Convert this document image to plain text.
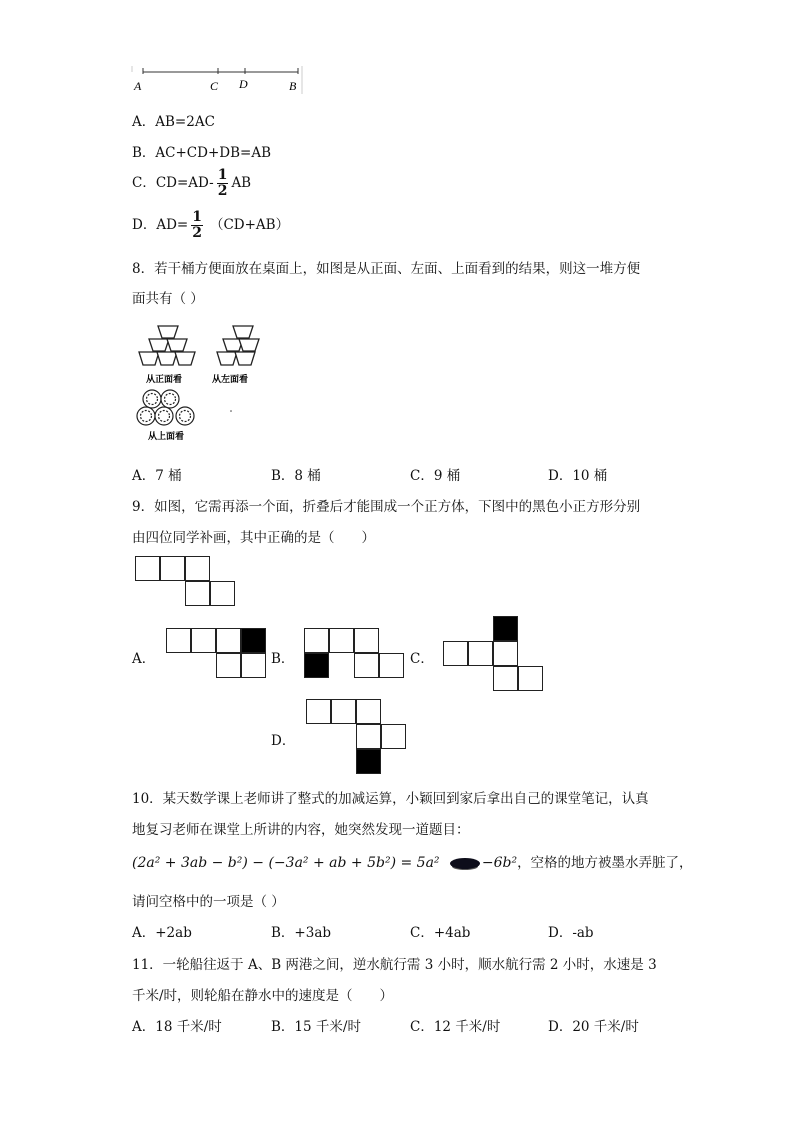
A	C D	B
A．AB=2AC
B．AC+CD+DB=AB
C．$CD=AD- \frac{1}{2}$ AB
D．$AD= \frac{1}{2} (CD+AB)$
8．若干桶方便面放在桌面上，如图是从正面、左面、上面看到的结果，则这一堆方便
面共有（ ）
从正面看	从左面看
从上面看
A．7 桶	B．8 桶	C．9 桶	D．10 桶
9．如图，它需再添一个面，折叠后才能围成一个正方体，下图中的黑色小正方形分别
由四位同学补画，其中正确的是（　　）
A．	B．	C．
D．
10．某天数学课上老师讲了整式的加减运算，小颖回到家后拿出自己的课堂笔记，认真
地复习老师在课堂上所讲的内容，她突然发现一道题目：
(2a² + 3ab − b²) − (−3a² + ab + 5b²) = 5a²	−6b²，空格的地方被墨水弄脏了，
请问空格中的一项是（ ）
A．+2ab	B．+3ab	C．+4ab	D．-ab
11．一轮船往返于 A、B 两港之间，逆水航行需 3 小时，顺水航行需 2 小时，水速是 3
千米/时，则轮船在静水中的速度是（　　）
A．18 千米/时	B．15 千米/时	C．12 千米/时	D．20 千米/时
